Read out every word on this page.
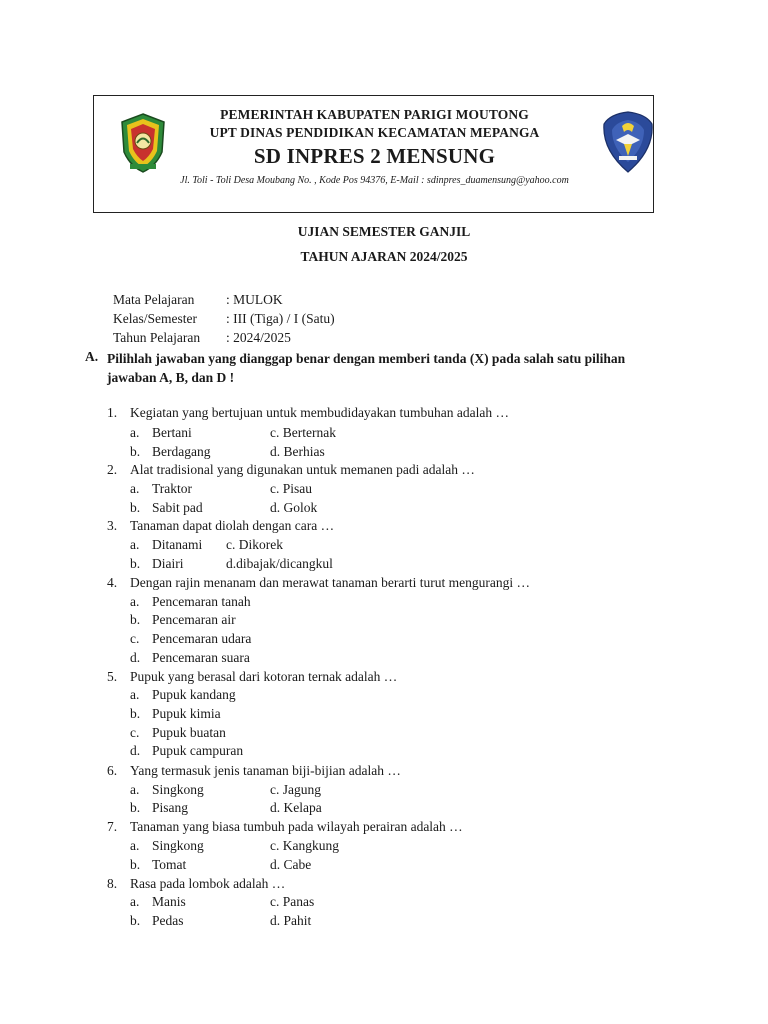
PEMERINTAH KABUPATEN PARIGI MOUTONG
UPT DINAS PENDIDIKAN KECAMATAN MEPANGA
SD INPRES 2 MENSUNG
Jl. Toli - Toli Desa Moubang No. , Kode Pos 94376, E-Mail : sdinpres_duamensung@yahoo.com
UJIAN SEMESTER GANJIL
TAHUN AJARAN 2024/2025
Mata Pelajaran : MULOK
Kelas/Semester : III (Tiga) / I (Satu)
Tahun Pelajaran : 2024/2025
A. Pilihlah jawaban yang dianggap benar dengan memberi tanda (X) pada salah satu pilihan jawaban A, B, dan D !
1. Kegiatan yang bertujuan untuk membudidayakan tumbuhan adalah …
a. Bertani	c. Berternak
b. Berdagang	d. Berhias
2. Alat tradisional yang digunakan untuk memanen padi adalah …
a. Traktor	c. Pisau
b. Sabit pad	d. Golok
3. Tanaman dapat diolah dengan cara …
a. Ditanami c. Dikorek
b. Diairi	d.dibajak/dicangkul
4. Dengan rajin menanam dan merawat tanaman berarti turut mengurangi …
a. Pencemaran tanah
b. Pencemaran air
c. Pencemaran udara
d. Pencemaran suara
5. Pupuk yang berasal dari kotoran ternak adalah …
a. Pupuk kandang
b. Pupuk kimia
c. Pupuk buatan
d. Pupuk campuran
6. Yang termasuk jenis tanaman biji-bijian adalah …
a. Singkong	c. Jagung
b. Pisang	d. Kelapa
7. Tanaman yang biasa tumbuh pada wilayah perairan adalah …
a. Singkong	c. Kangkung
b. Tomat	d. Cabe
8. Rasa pada lombok adalah …
a. Manis	c. Panas
b. Pedas	d. Pahit
